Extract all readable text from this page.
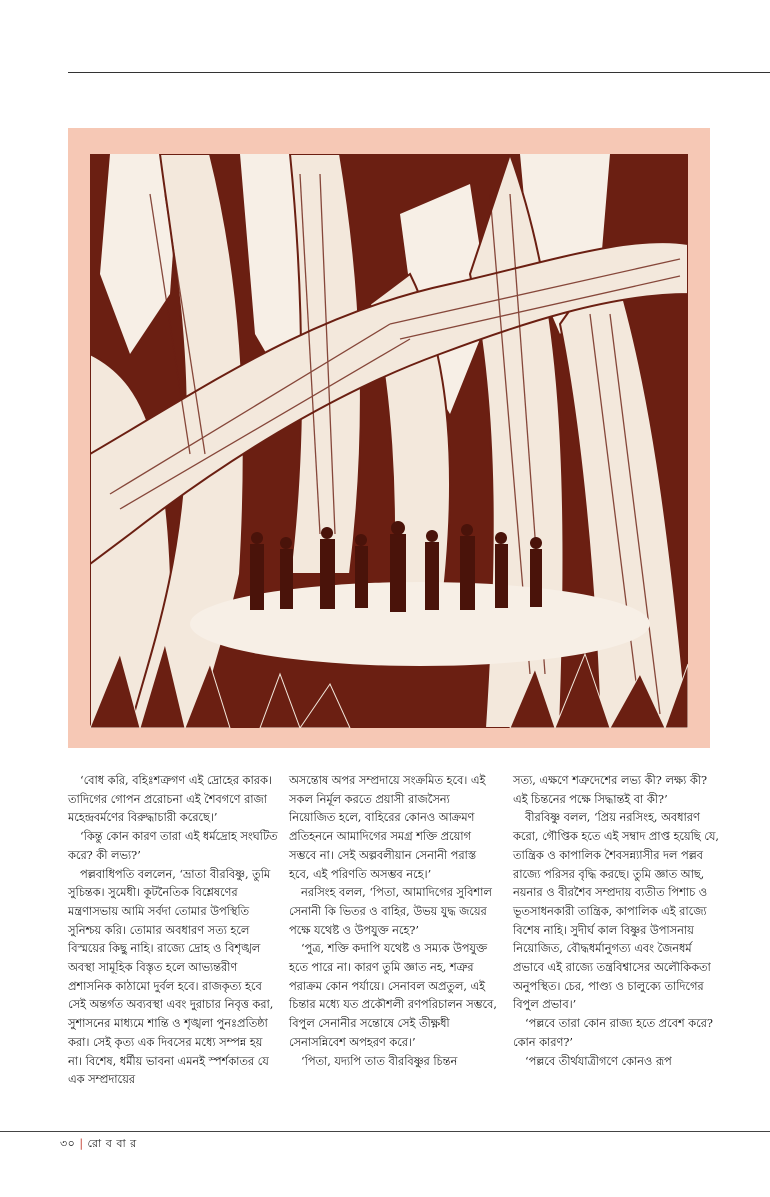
‘বোধ করি, বহিঃশত্রুগণ এই দ্রোহের কারক। তাদিগের গোপন প্ররোচনা এই শৈবগণে রাজা মহেন্দ্রবর্মণের বিরুদ্ধাচারী করেছে।’

‘কিন্তু কোন কারণ তারা এই ধর্মদ্রোহ সংঘটিত করে? কী লভ্য?’

পল্লবাধিপতি বললেন, ‘ভ্রাতা বীরবিষ্ণু, তুমি সুচিন্তক। সুমেধী। কূটনৈতিক বিশ্লেষণের মন্ত্রণাসভায় আমি সর্বদা তোমার উপস্থিতি সুনিশ্চয় করি। তোমার অবধারণ সত্য হলে বিস্ময়ের কিছু নাহি। রাজ্যে দ্রোহ ও বিশৃঙ্খল অবস্থা সামূহিক বিস্তৃত হলে আভ্যন্তরীণ প্রশাসনিক কাঠামো দুর্বল হবে। রাজকৃত্য হবে সেই অন্তর্গত অব্যবস্থা এবং দুরাচার নিবৃত্ত করা, সুশাসনের মাধ্যমে শান্তি ও শৃঙ্খলা পুনঃপ্রতিষ্ঠা করা। সেই কৃত্য এক দিবসের মধ্যে সম্পন্ন হয় না। বিশেষ, ধর্মীয় ভাবনা এমনই স্পর্শকাতর যে এক সম্প্রদায়ের

অসন্তোষ অপর সম্প্রদায়ে সংক্রমিত হবে। এই সকল নির্মূল করতে প্রয়াসী রাজসৈন্য নিয়োজিত হলে, বাহিরের কোনও আক্রমণ প্রতিহননে আমাদিগের সমগ্র শক্তি প্রয়োগ সম্ভবে না। সেই অল্পবলীয়ান সেনানী পরাস্ত হবে, এই পরিণতি অসম্ভব নহে।’

নরসিংহ বলল, ‘পিতা, আমাদিগের সুবিশাল সেনানী কি ভিতর ও বাহির, উভয় যুদ্ধ জয়ের পক্ষে যথেষ্ট ও উপযুক্ত নহে?’

‘পুত্র, শক্তি কদাপি যথেষ্ট ও সম্যক উপযুক্ত হতে পারে না। কারণ তুমি জ্ঞাত নহ, শত্রুর পরাক্রম কোন পর্যায়ে। সেনাবল অপ্রতুল, এই চিন্তার মধ্যে যত প্রকৌশলী রণপরিচালন সম্ভবে, বিপুল সেনানীর সন্তোষে সেই তীক্ষ্ণধী সেনাসন্নিবেশ অপহরণ করে।’

‘পিতা, যদ্যপি তাত বীরবিষ্ণুর চিন্তন

সত্য, এক্ষণে শত্রুদেশের লভ্য কী? লক্ষ্য কী? এই চিন্তনের পক্ষে সিদ্ধান্তই বা কী?’

বীরবিষ্ণু বলল, ‘প্রিয় নরসিংহ, অবধারণ করো, গৌপ্তিক হতে এই সম্বাদ প্রাপ্ত হয়েছি যে, তান্ত্রিক ও কাপালিক শৈবসন্ন্যাসীর দল পল্লব রাজ্যে পরিসর বৃদ্ধি করছে। তুমি জ্ঞাত আছ, নয়নার ও বীরশৈব সম্প্রদায় ব্যতীত পিশাচ ও ভূতসাধনকারী তান্ত্রিক, কাপালিক এই রাজ্যে বিশেষ নাহি। সুদীর্ঘ কাল বিষ্ণুর উপাসনায় নিয়োজিত, বৌদ্ধধর্মানুগত্য এবং জৈনধর্ম প্রভাবে এই রাজ্যে তন্ত্রবিশ্বাসের অলৌকিকতা অনুপস্থিত। চের, পাণ্ড্য ও চালুক্যে তাদিগের বিপুল প্রভাব।’

‘পল্লবে তারা কোন রাজ্য হতে প্রবেশ করে? কোন কারণ?’

‘পল্লবে তীর্থযাত্রীগণে কোনও রূপ

৩০ | রো ব বা র
